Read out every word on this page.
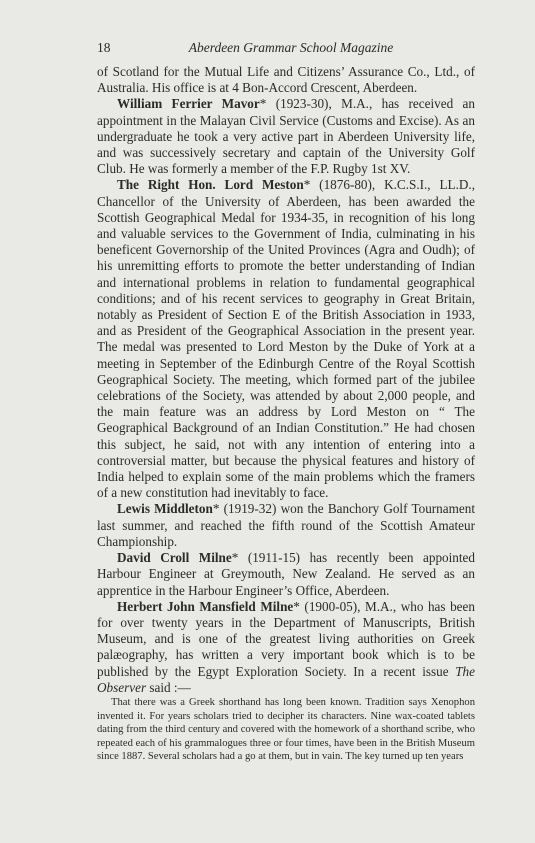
18	Aberdeen Grammar School Magazine

of Scotland for the Mutual Life and Citizens’ Assurance Co., Ltd., of Australia. His office is at 4 Bon-Accord Crescent, Aberdeen.

William Ferrier Mavor* (1923-30), M.A., has received an appointment in the Malayan Civil Service (Customs and Excise). As an undergraduate he took a very active part in Aberdeen University life, and was successively secretary and captain of the University Golf Club. He was formerly a member of the F.P. Rugby 1st XV.

The Right Hon. Lord Meston* (1876-80), K.C.S.I., LL.D., Chancellor of the University of Aberdeen, has been awarded the Scottish Geographical Medal for 1934-35, in recognition of his long and valuable services to the Government of India, culminating in his beneficent Governorship of the United Provinces (Agra and Oudh); of his unremitting efforts to promote the better understanding of Indian and international problems in relation to fundamental geographical conditions; and of his recent services to geography in Great Britain, notably as President of Section E of the British Association in 1933, and as President of the Geographical Association in the present year. The medal was presented to Lord Meston by the Duke of York at a meeting in September of the Edinburgh Centre of the Royal Scottish Geographical Society. The meeting, which formed part of the jubilee celebrations of the Society, was attended by about 2,000 people, and the main feature was an address by Lord Meston on “ The Geographical Background of an Indian Constitution.” He had chosen this subject, he said, not with any intention of entering into a controversial matter, but because the physical features and history of India helped to explain some of the main problems which the framers of a new constitution had inevitably to face.

Lewis Middleton* (1919-32) won the Banchory Golf Tournament last summer, and reached the fifth round of the Scottish Amateur Championship.

David Croll Milne* (1911-15) has recently been appointed Harbour Engineer at Greymouth, New Zealand. He served as an apprentice in the Harbour Engineer’s Office, Aberdeen.

Herbert John Mansfield Milne* (1900-05), M.A., who has been for over twenty years in the Department of Manuscripts, British Museum, and is one of the greatest living authorities on Greek palæography, has written a very important book which is to be published by the Egypt Exploration Society. In a recent issue The Observer said :—

That there was a Greek shorthand has long been known. Tradition says Xenophon invented it. For years scholars tried to decipher its characters. Nine wax-coated tablets dating from the third century and covered with the homework of a shorthand scribe, who repeated each of his grammalogues three or four times, have been in the British Museum since 1887. Several scholars had a go at them, but in vain. The key turned up ten years
